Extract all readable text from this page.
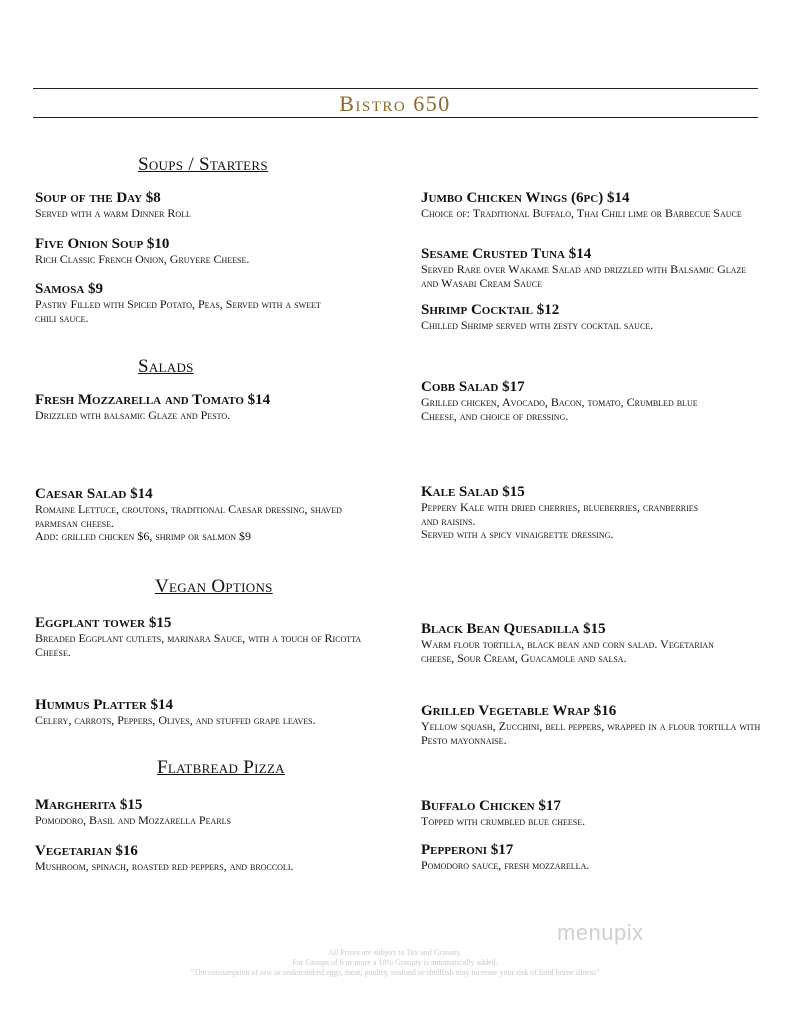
Bistro 650
Soups / Starters
Soup of the Day $8
Served with a warm Dinner Roll
Five Onion Soup $10
Rich Classic French Onion, Gruyere Cheese.
Samosa $9
Pastry Filled with Spiced Potato, Peas, Served with a sweet chili sauce.
Jumbo Chicken Wings (6pc) $14
Choice of: Traditional Buffalo, Thai Chili lime or Barbecue Sauce
Sesame Crusted Tuna $14
Served Rare over Wakame Salad and drizzled with Balsamic Glaze and Wasabi Cream Sauce
Shrimp Cocktail $12
Chilled Shrimp served with zesty cocktail sauce.
Salads
Fresh Mozzarella and Tomato $14
Drizzled with balsamic Glaze and Pesto.
Cobb Salad $17
Grilled chicken, Avocado, Bacon, tomato, Crumbled blue Cheese, and choice of dressing.
Caesar Salad $14
Romaine Lettuce, croutons, traditional Caesar dressing, shaved parmesan cheese.
Add: grilled chicken $6, shrimp or salmon $9
Kale Salad $15
Peppery Kale with dried cherries, blueberries, cranberries and raisins.
Served with a spicy vinaigrette dressing.
Vegan Options
Eggplant tower $15
Breaded Eggplant cutlets, marinara Sauce, with a touch of Ricotta Cheese.
Black Bean Quesadilla $15
Warm flour tortilla, black bean and corn salad. Vegetarian cheese, Sour Cream, Guacamole and salsa.
Hummus Platter $14
Celery, carrots, Peppers, Olives, and stuffed grape leaves.
Grilled Vegetable Wrap $16
Yellow squash, Zucchini, bell peppers, wrapped in a flour tortilla with Pesto mayonnaise.
Flatbread Pizza
Margherita $15
Pomodoro, Basil and Mozzarella Pearls
Buffalo Chicken $17
Topped with crumbled blue cheese.
Vegetarian $16
Mushroom, spinach, roasted red peppers, and broccoli.
Pepperoni $17
Pomodoro sauce, fresh mozzarella.
menupix
All Prices are subject to Tax and Gratuity.
For Groups of 6 or more a 18% Gratuity is automatically added.
"The consumption of raw or undercooked eggs, meat, poultry, seafood or shellfish may increase your risk of food borne illness"
